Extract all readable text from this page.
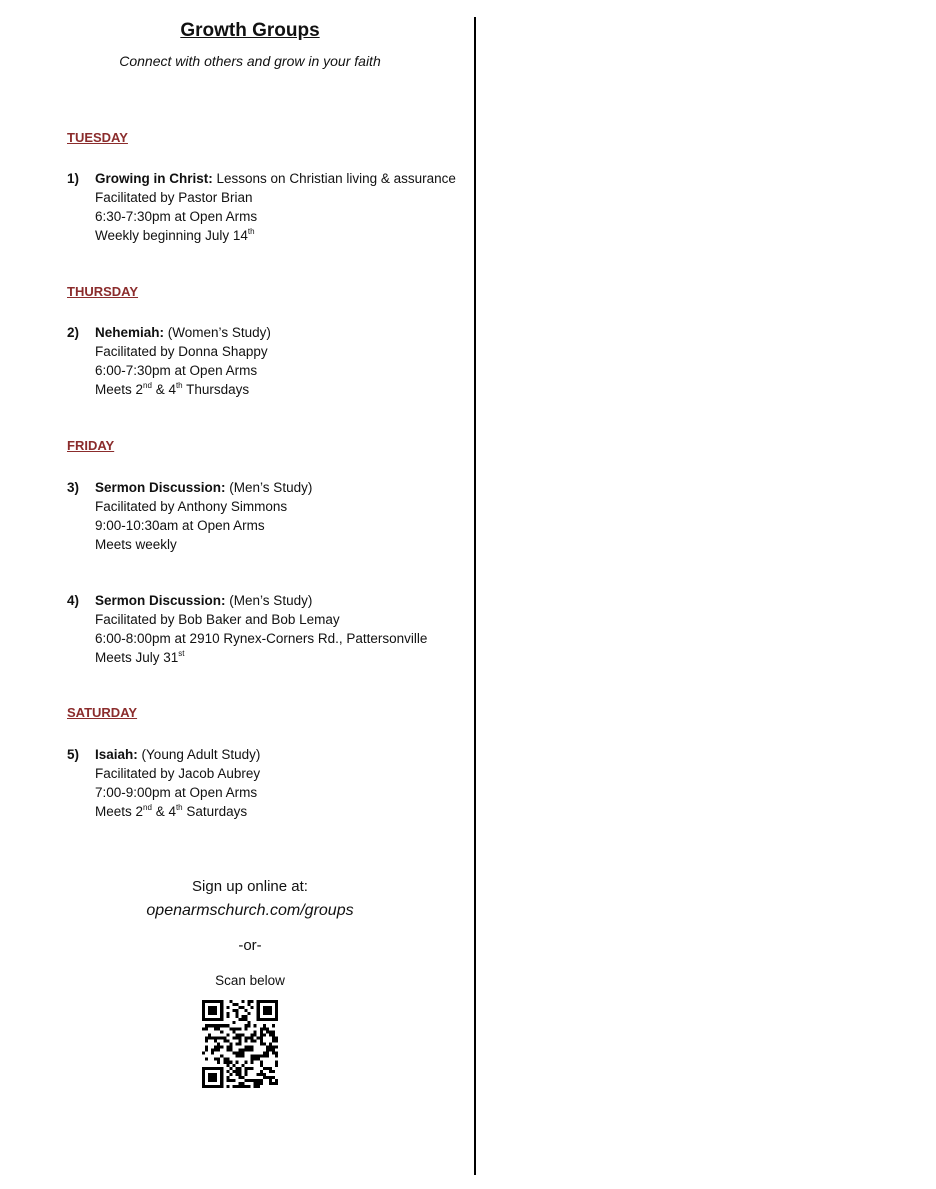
Growth Groups
Connect with others and grow in your faith
TUESDAY
1) Growing in Christ: Lessons on Christian living & assurance
Facilitated by Pastor Brian
6:30-7:30pm at Open Arms
Weekly beginning July 14th
THURSDAY
2) Nehemiah: (Women’s Study)
Facilitated by Donna Shappy
6:00-7:30pm at Open Arms
Meets 2nd & 4th Thursdays
FRIDAY
3) Sermon Discussion: (Men’s Study)
Facilitated by Anthony Simmons
9:00-10:30am at Open Arms
Meets weekly
4) Sermon Discussion: (Men’s Study)
Facilitated by Bob Baker and Bob Lemay
6:00-8:00pm at 2910 Rynex-Corners Rd., Pattersonville
Meets July 31st
SATURDAY
5) Isaiah: (Young Adult Study)
Facilitated by Jacob Aubrey
7:00-9:00pm at Open Arms
Meets 2nd & 4th Saturdays
Sign up online at:
openarmschurch.com/groups
-or-
Scan below
